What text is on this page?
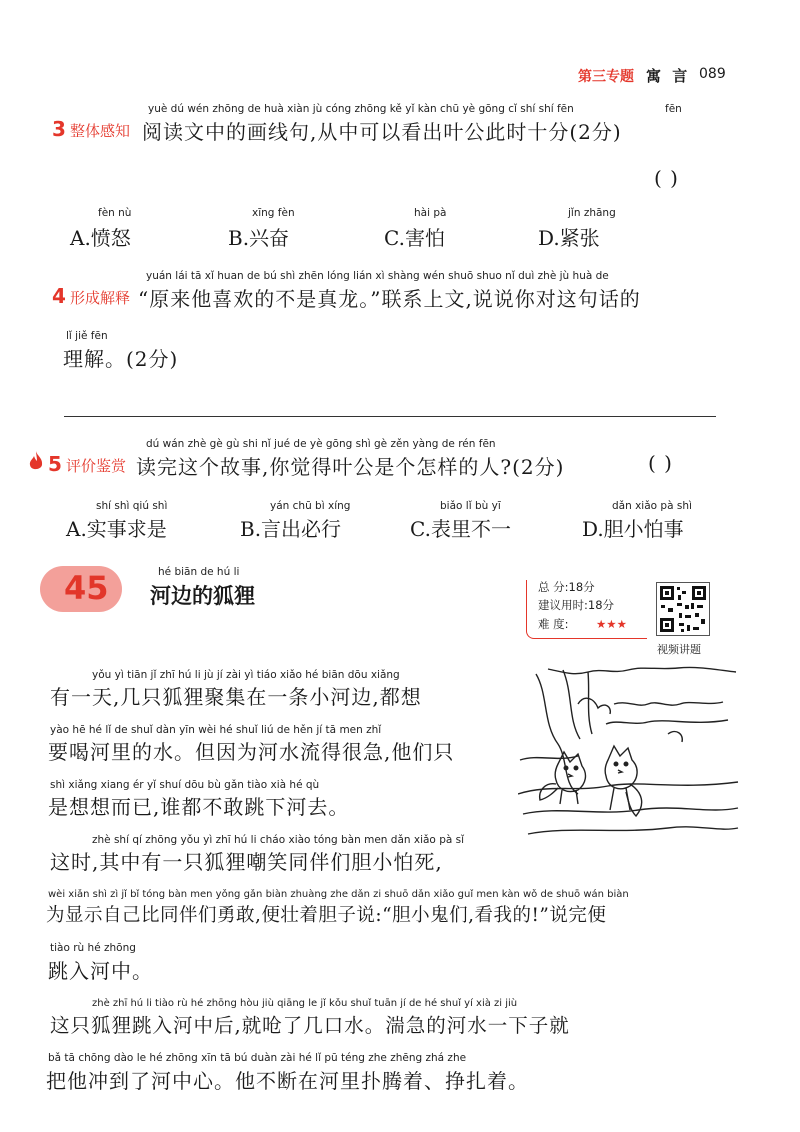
第三专题 寓 言 089
yuè dú wén zhōng de huà xiàn jù cóng zhōng kě yǐ kàn chū yè gōng cǐ shí shí fēn	fēn
3 整体感知 阅读文中的画线句,从中可以看出叶公此时十分(2分)
( )
fèn nù
A.愤怒
xīng fèn
B.兴奋
hài pà
C.害怕
jǐn zhāng
D.紧张
yuán lái tā xǐ huan de bú shì zhēn lóng lián xì shàng wén shuō shuo nǐ duì zhè jù huà de
4 形成解释 “原来他喜欢的不是真龙。”联系上文,说说你对这句话的
lǐ jiě fēn
理解。(2分)
dú wán zhè gè gù shi nǐ jué de yè gōng shì gè zěn yàng de rén fēn
5 评价鉴赏 读完这个故事,你觉得叶公是个怎样的人?(2分)	( )
shí shì qiú shì
A.实事求是
yán chū bì xíng
B.言出必行
biǎo lǐ bù yī
C.表里不一
dǎn xiǎo pà shì
D.胆小怕事
45	hé biān de hú li
河边的狐狸	总 分:18分
建议用时:18分
难 度: ★★★
视频讲题
yǒu yì tiān jǐ zhī hú li jù jí zài yì tiáo xiǎo hé biān dōu xiǎng
有一天,几只狐狸聚集在一条小河边,都想
yào hē hé lǐ de shuǐ dàn yīn wèi hé shuǐ liú de hěn jí tā men zhǐ
要喝河里的水。但因为河水流得很急,他们只
shì xiǎng xiang ér yǐ shuí dōu bù gǎn tiào xià hé qù
是想想而已,谁都不敢跳下河去。
zhè shí qí zhōng yǒu yì zhī hú li cháo xiào tóng bàn men dǎn xiǎo pà sǐ
这时,其中有一只狐狸嘲笑同伴们胆小怕死,
wèi xiǎn shì zì jǐ bǐ tóng bàn men yǒng gǎn biàn zhuàng zhe dǎn zi shuō dǎn xiǎo guǐ men kàn wǒ de shuō wán biàn
为显示自己比同伴们勇敢,便壮着胆子说:“胆小鬼们,看我的!”说完便
tiào rù hé zhōng
跳入河中。
zhè zhī hú li tiào rù hé zhōng hòu jiù qiāng le jǐ kǒu shuǐ tuān jí de hé shuǐ yí xià zi jiù
这只狐狸跳入河中后,就呛了几口水。湍急的河水一下子就
bǎ tā chōng dào le hé zhōng xīn tā bú duàn zài hé lǐ pū téng zhe zhēng zhá zhe
把他冲到了河中心。他不断在河里扑腾着、挣扎着。
